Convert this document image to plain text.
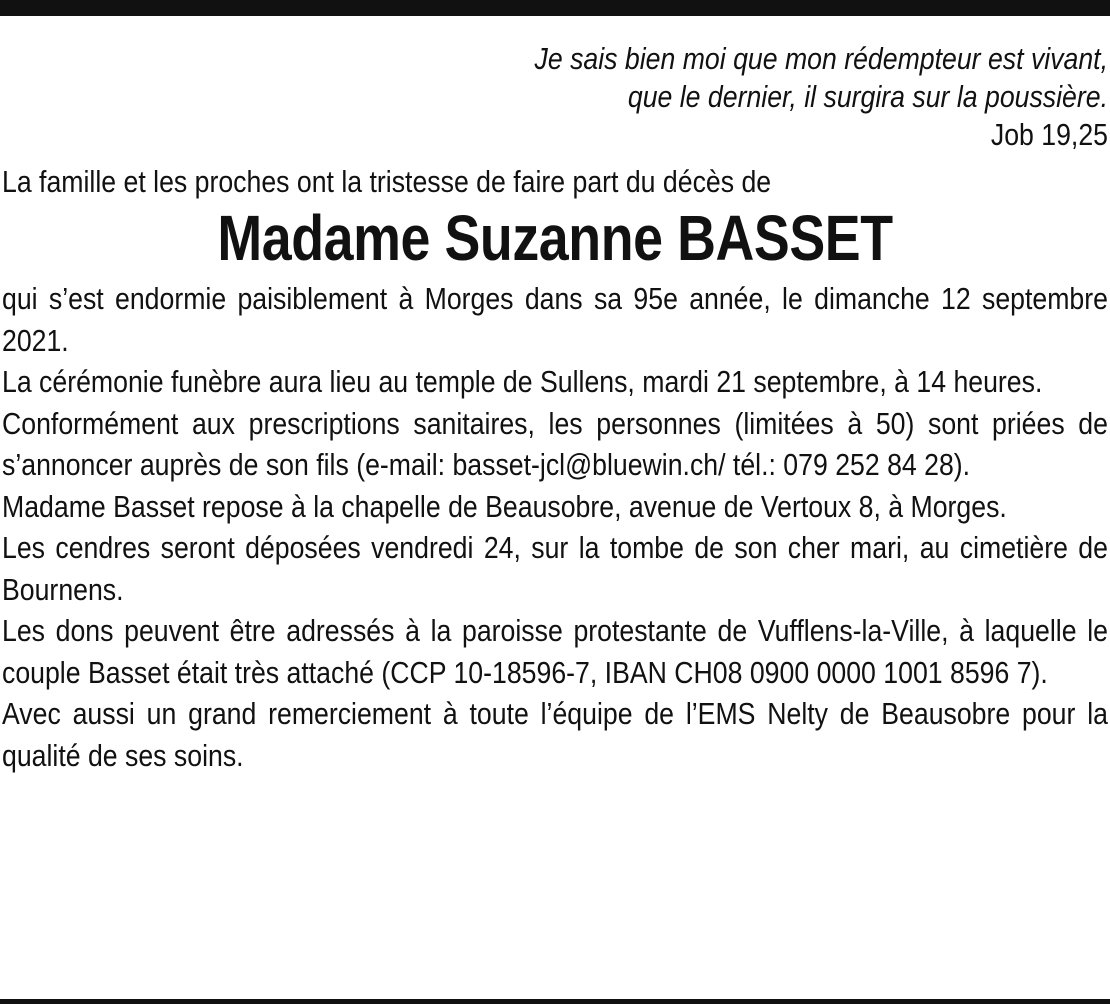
Je sais bien moi que mon rédempteur est vivant,
que le dernier, il surgira sur la poussière.
Job 19,25
La famille et les proches ont la tristesse de faire part du décès de
Madame Suzanne BASSET

qui s’est endormie paisiblement à Morges dans sa 95e année, le dimanche 12 septembre 2021.

La cérémonie funèbre aura lieu au temple de Sullens, mardi 21 septembre, à 14 heures.

Conformément aux prescriptions sanitaires, les personnes (limitées à 50) sont priées de s’annoncer auprès de son fils (e-mail: basset-jcl@bluewin.ch/ tél.: 079 252 84 28).

Madame Basset repose à la chapelle de Beausobre, avenue de Vertoux 8, à Morges.

Les cendres seront déposées vendredi 24, sur la tombe de son cher mari, au cimetière de Bournens.

Les dons peuvent être adressés à la paroisse protestante de Vufflens-la-Ville, à laquelle le couple Basset était très attaché (CCP 10-18596-7, IBAN CH08 0900 0000 1001 8596 7).

Avec aussi un grand remerciement à toute l’équipe de l’EMS Nelty de Beausobre pour la qualité de ses soins.
